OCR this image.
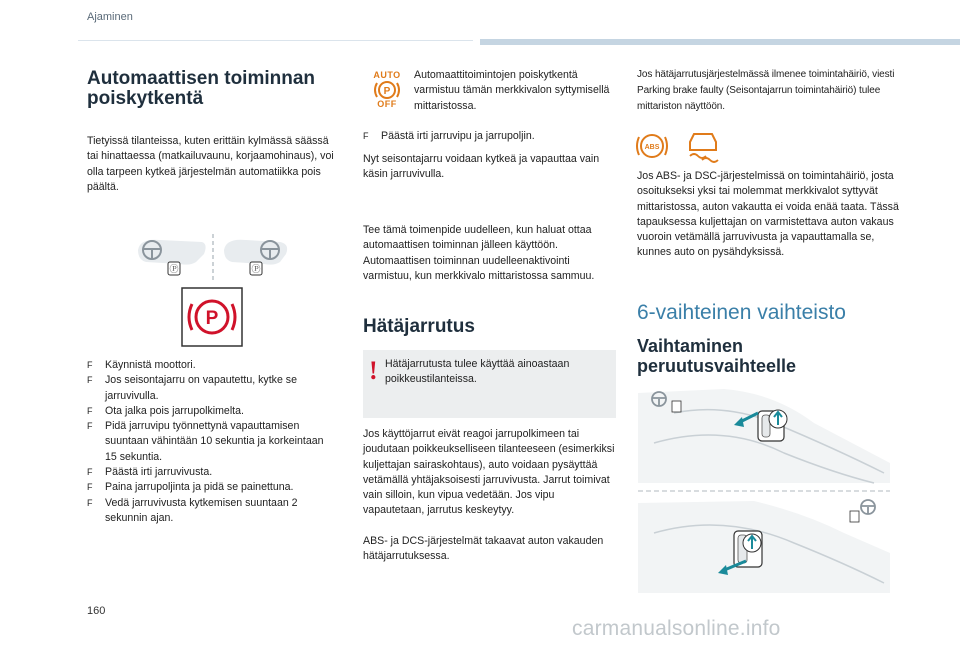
Ajaminen
Automaattisen toiminnan poiskytkentä
Tietyissä tilanteissa, kuten erittäin kylmässä säässä tai hinattaessa (matkailuvaunu, korjaamohinaus), voi olla tarpeen kytkeä järjestelmän automatiikka pois päältä.
Ⓟ	Ⓟ
P
F Käynnistä moottori.
F Jos seisontajarru on vapautettu, kytke se jarruvivulla.
F Ota jalka pois jarrupolkimelta.
F Pidä jarruvipu työnnettynä vapauttamisen suuntaan vähintään 10 sekuntia ja korkeintaan 15 sekuntia.
F Päästä irti jarruvivusta.
F Paina jarrupoljinta ja pidä se painettuna.
F Vedä jarruvivusta kytkemisen suuntaan 2 sekunnin ajan.
AUTO
P
OFF
Automaattitoimintojen poiskytkentä varmistuu tämän merkkivalon syttymisellä mittaristossa.
F Päästä irti jarruvipu ja jarrupoljin.
Nyt seisontajarru voidaan kytkeä ja vapauttaa vain käsin jarruvivulla.
Tee tämä toimenpide uudelleen, kun haluat ottaa automaattisen toiminnan jälleen käyttöön. Automaattisen toiminnan uudelleenaktivointi varmistuu, kun merkkivalo mittaristossa sammuu.
Hätäjarrutus
! Hätäjarrutusta tulee käyttää ainoastaan poikkeustilanteissa.
Jos käyttöjarrut eivät reagoi jarrupolkimeen tai joudutaan poikkeukselliseen tilanteeseen (esimerkiksi kuljettajan sairaskohtaus), auto voidaan pysäyttää vetämällä yhtäjaksoisesti jarruvivusta. Jarrut toimivat vain silloin, kun vipua vedetään. Jos vipu vapautetaan, jarrutus keskeytyy.
ABS- ja DCS-järjestelmät takaavat auton vakauden hätäjarrutuksessa.
Jos hätäjarrutusjärjestelmässä ilmenee toimintahäiriö, viesti Parking brake faulty (Seisontajarrun toimintahäiriö) tulee mittariston näyttöön.
ABS
Jos ABS- ja DSC-järjestelmissä on toimintahäiriö, josta osoitukseksi yksi tai molemmat merkkivalot syttyvät mittaristossa, auton vakautta ei voida enää taata. Tässä tapauksessa kuljettajan on varmistettava auton vakaus vuoroin vetämällä jarruvivusta ja vapauttamalla se, kunnes auto on pysähdyksissä.
6-vaihteinen vaihteisto
Vaihtaminen peruutusvaihteelle
160
carmanualsonline.info
